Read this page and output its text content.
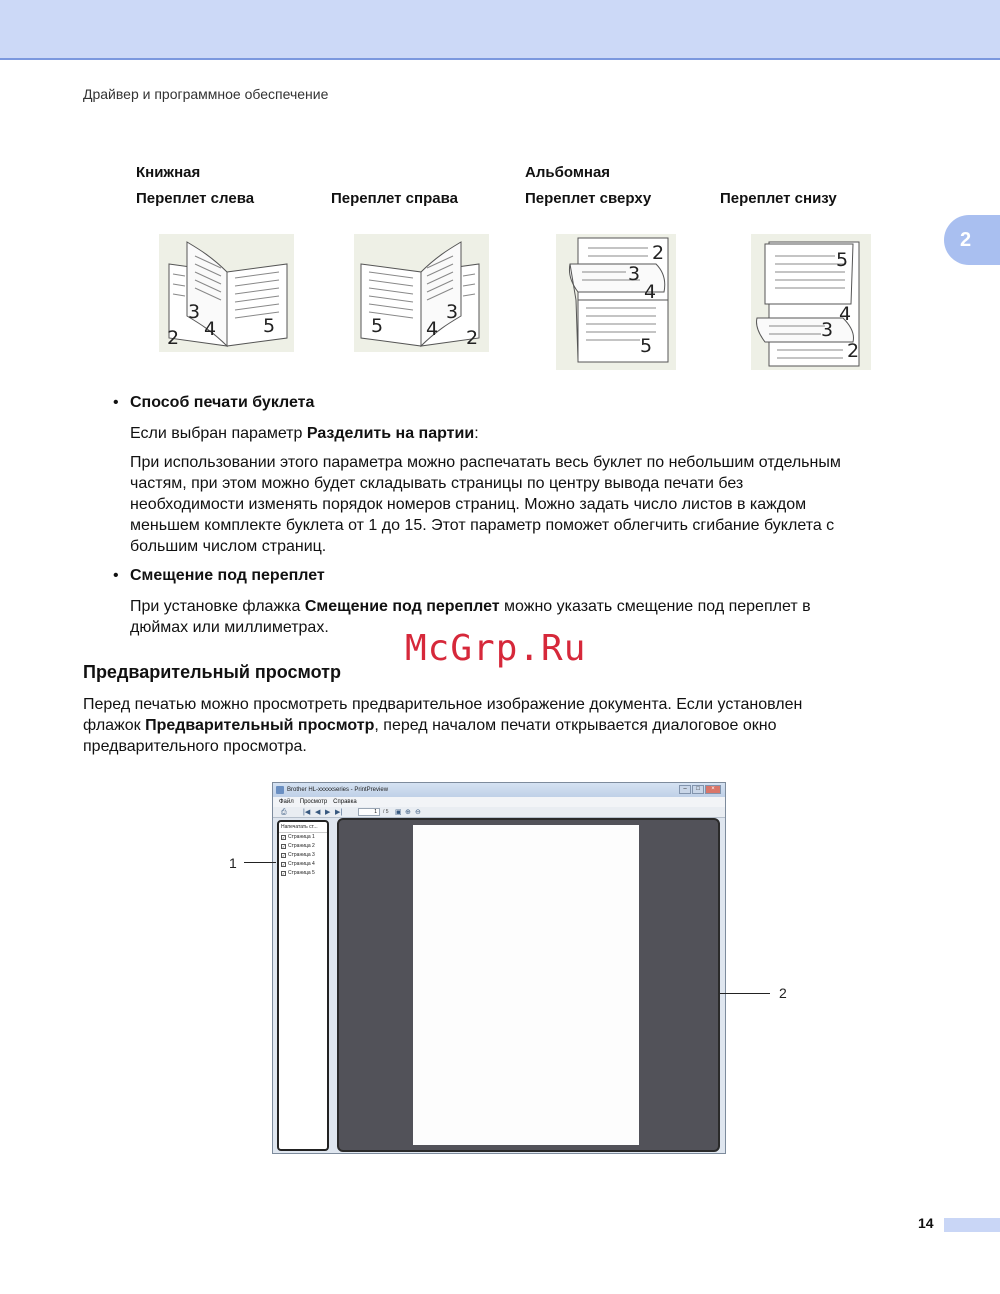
Драйвер и программное обеспечение
2
Книжная	Альбомная
Переплет слева	Переплет справа	Переплет сверху	Переплет снизу
2
3
4 5	5 4
3
2
2
3
4
5
5
4
3
2
• Способ печати буклета
Если выбран параметр Разделить на партии:
При использовании этого параметра можно распечатать весь буклет по небольшим отдельным
частям, при этом можно будет складывать страницы по центру вывода печати без
необходимости изменять порядок номеров страниц. Можно задать число листов в каждом
меньшем комплекте буклета от 1 до 15. Этот параметр поможет облегчить сгибание буклета с
большим числом страниц.
• Смещение под переплет
При установке флажка Смещение под переплет можно указать смещение под переплет в
дюймах или миллиметрах.
McGrp.Ru
Предварительный просмотр
Перед печатью можно просмотреть предварительное изображение документа. Если установлен
флажок Предварительный просмотр, перед началом печати открывается диалоговое окно
предварительного просмотра.
Brother HL-xxxxxseries - PrintPreview	–	□	×
Файл Просмотр Справка
⎙ |◀ ◀ ▶ ▶|	1	/ 5 ▣ ⊕ ⊖
Напечатать ст...
✓ Страница 1
✓ Страница 2
✓ Страница 3
✓ Страница 4
✓ Страница 5
1
2
14
